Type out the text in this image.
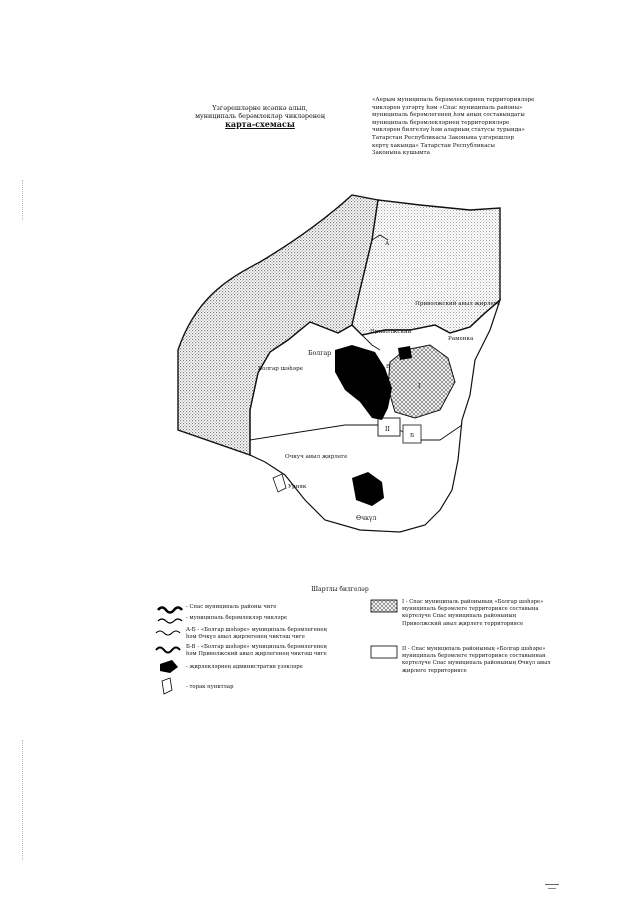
Үзгәрешләрне исәпкә алып,
муниципаль берәмлекләр чикләренең
карта-схемасы
«Аерым муниципаль берәмлекләрнең территорияләре
чикләрен үзгәртү һәм «Спас муниципаль районы»
муниципаль берәмлегенең һәм аның составындагы
муниципаль берәмлекләрнең территорияләре
чикләрен билгеләү һәм аларның статусы турында»
Татарстан Республикасы Законына үзгәрешләр
кертү хакында» Татарстан Республикасы
Законына кушымта
Болгар
Болгар шәһәре
Приволжский
Приволжский авыл җирлеге
Раменка
Очкуч авыл җирлеге
Өчкүл
Урняк
I
II
А
Б
Б
В
Шартлы билгеләр
- Спас муниципаль районы чиге
- муниципаль берәмлекләр чикләре
А-Б - «Болгар шәһәре» муниципаль берәмлегенең һәм Өчкүл авыл җирлегенең чиктәш чиге
Б-В - «Болгар шәһәре» муниципаль берәмлегенең һәм Приволжский авыл җирлегенең чиктәш чиге
- җирлекләрнең административ үзәкләре
- торак пунктлар
I - Спас муниципаль районының «Болгар шәһәре» муниципаль берәмлеге территориясе составына кертелүче Спас муниципаль районының Приволжский авыл җирлеге территориясе
II - Спас муниципаль районының «Болгар шәһәре» муниципаль берәмлеге территориясе составыннан кертелүче Спас муниципаль районының Өчкүл авыл җирлеге территориясе
